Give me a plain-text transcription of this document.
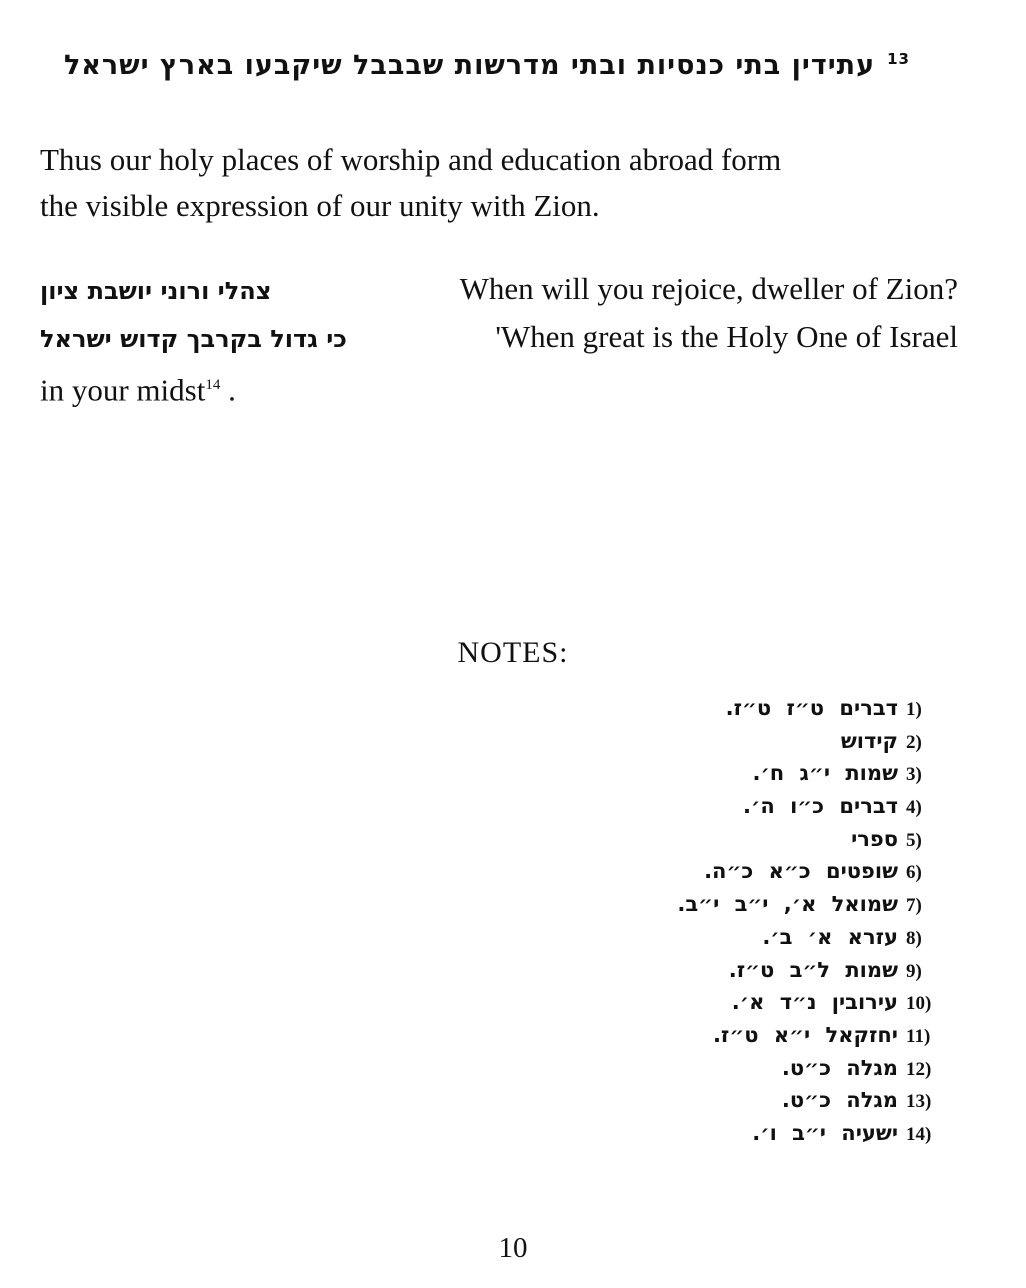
$^{13}$עתידין בתי כנסיות ובתי מדרשות שבבבל שיקבעו בארץ ישראל
Thus our holy places of worship and education abroad form
the visible expression of our unity with Zion.
צהלי ורוני יושבת ציון	When will you rejoice, dweller of Zion?
כי גדול בקרבך קדוש ישראל	'When great is the Holy One of Israel
in your midst$^{14}$ .
NOTES:
1)
דברים ט״ז ט״ז.
2)
קידוש
3)
שמות י״ג ח׳.
4)
דברים כ״ו ה׳.
5)
ספרי
6)
שופטים כ״א כ״ה.
7)
שמואל א׳, י״ב י״ב.
8)
עזרא א׳ ב׳.
9)
שמות ל״ב ט״ז.
10)
עירובין נ״ד א׳.
11)
יחזקאל י״א ט״ז.
12)
מגלה כ״ט.
13)
מגלה כ״ט.
14)
ישעיה י״ב ו׳.
10
